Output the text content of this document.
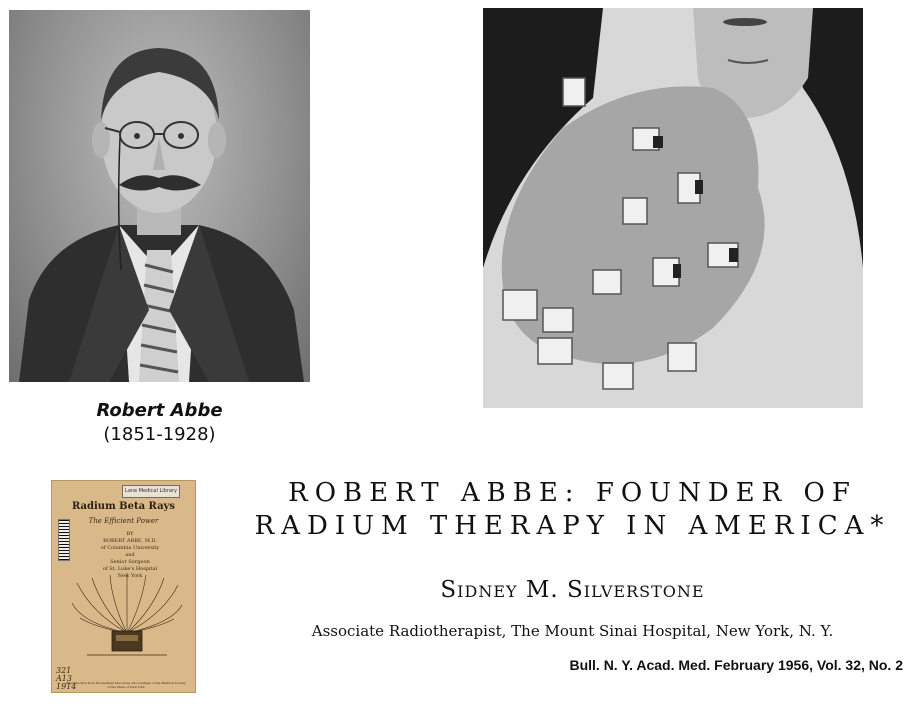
Robert Abbe
(1851-1928)
Lane Medical Library
Radium Beta Rays
The Efficient Power
BY
ROBERT ABBE, M.D.
of Columbia University
and
Senior Surgeon
of St. Luke's Hospital
New York
321
A13
1914
Reproduction from Prometheus Discourse, Proceedings of the Medical Society of the State of New York
ROBERT ABBE: FOUNDER OF
RADIUM THERAPY IN AMERICA*
Sidney M. Silverstone
Associate Radiotherapist, The Mount Sinai Hospital, New York, N. Y.
Bull. N. Y. Acad. Med. February 1956, Vol. 32, No. 2
